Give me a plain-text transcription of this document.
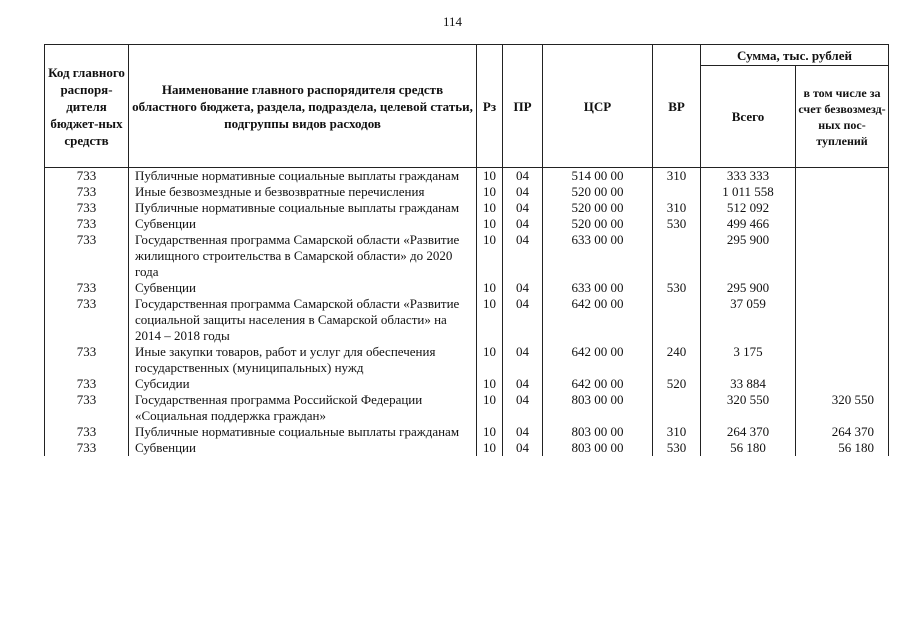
114
Код главного распоря-дителя бюджет-ных средств	Наименование главного распорядителя средств областного бюджета, раздела, подраздела, целевой статьи, подгруппы видов расходов	Рз	ПР	ЦСР	ВР	Сумма, тыс. рублей	
						Всего	в том числе за счет безвозмезд-ных пос-туплений
733	Публичные нормативные социальные выплаты гражданам	10	04	514 00 00	310	333 333	
733	Иные безвозмездные и безвозвратные перечисления	10	04	520 00 00		1 011 558	
733	Публичные нормативные социальные выплаты гражданам	10	04	520 00 00	310	512 092	
733	Субвенции	10	04	520 00 00	530	499 466	
733	Государственная программа Самарской области «Развитие жилищного строительства в Самарской области» до 2020 года	10	04	633 00 00		295 900	
733	Субвенции	10	04	633 00 00	530	295 900	
733	Государственная программа Самарской области «Развитие социальной защиты населения в Самарской области» на 2014 – 2018 годы	10	04	642 00 00		37 059	
733	Иные закупки товаров, работ и услуг для обеспечения государственных (муниципальных) нужд	10	04	642 00 00	240	3 175	
733	Субсидии	10	04	642 00 00	520	33 884	
733	Государственная программа Российской Федерации «Социальная поддержка граждан»	10	04	803 00 00		320 550	320 550
733	Публичные нормативные социальные выплаты гражданам	10	04	803 00 00	310	264 370	264 370
733	Субвенции	10	04	803 00 00	530	56 180	56 180
